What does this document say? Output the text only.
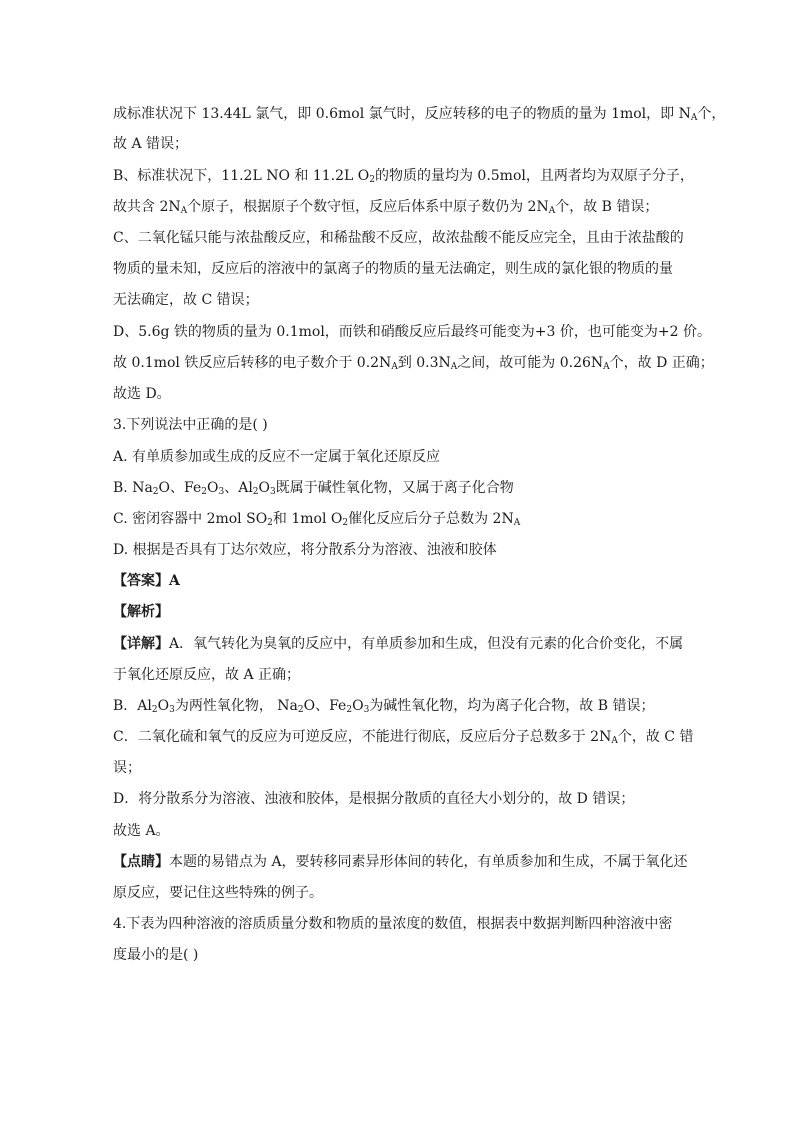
成标准状况下 13.44L 氯气，即 0.6mol 氯气时，反应转移的电子的物质的量为 1mol，即 $N_A$个，
故 A 错误；
B、标准状况下，11.2L NO 和 11.2L $O_2$的物质的量均为 0.5mol，且两者均为双原子分子，
故共含 $2N_A$个原子，根据原子个数守恒，反应后体系中原子数仍为 $2N_A$个，故 B 错误；
C、二氧化锰只能与浓盐酸反应，和稀盐酸不反应，故浓盐酸不能反应完全，且由于浓盐酸的
物质的量未知，反应后的溶液中的氯离子的物质的量无法确定，则生成的氯化银的物质的量
无法确定，故 C 错误；
D、5.6g 铁的物质的量为 0.1mol，而铁和硝酸反应后最终可能变为+3 价，也可能变为+2 价。
故 0.1mol 铁反应后转移的电子数介于 $0.2N_A$到 $0.3N_A$之间，故可能为 $0.26N_A$个，故 D 正确；
故选 D。
3.下列说法中正确的是( )
A. 有单质参加或生成的反应不一定属于氧化还原反应
B. $Na_2O$、$Fe_2O_3$、$Al_2O_3$既属于碱性氧化物，又属于离子化合物
C. 密闭容器中 2mol $SO_2$和 1mol $O_2$催化反应后分子总数为 $2N_A$
D. 根据是否具有丁达尔效应，将分散系分为溶液、浊液和胶体
【答案】A
【解析】
【详解】A．氧气转化为臭氧的反应中，有单质参加和生成，但没有元素的化合价变化，不属
于氧化还原反应，故 A 正确；
B．$Al_2O_3$为两性氧化物， $Na_2O$、$Fe_2O_3$为碱性氧化物，均为离子化合物，故 B 错误；
C．二氧化硫和氧气的反应为可逆反应，不能进行彻底，反应后分子总数多于 $2N_A$个，故 C 错
误；
D．将分散系分为溶液、浊液和胶体，是根据分散质的直径大小划分的，故 D 错误；
故选 A。
【点睛】本题的易错点为 A，要转移同素异形体间的转化，有单质参加和生成，不属于氧化还
原反应，要记住这些特殊的例子。
4.下表为四种溶液的溶质质量分数和物质的量浓度的数值，根据表中数据判断四种溶液中密
度最小的是( )
